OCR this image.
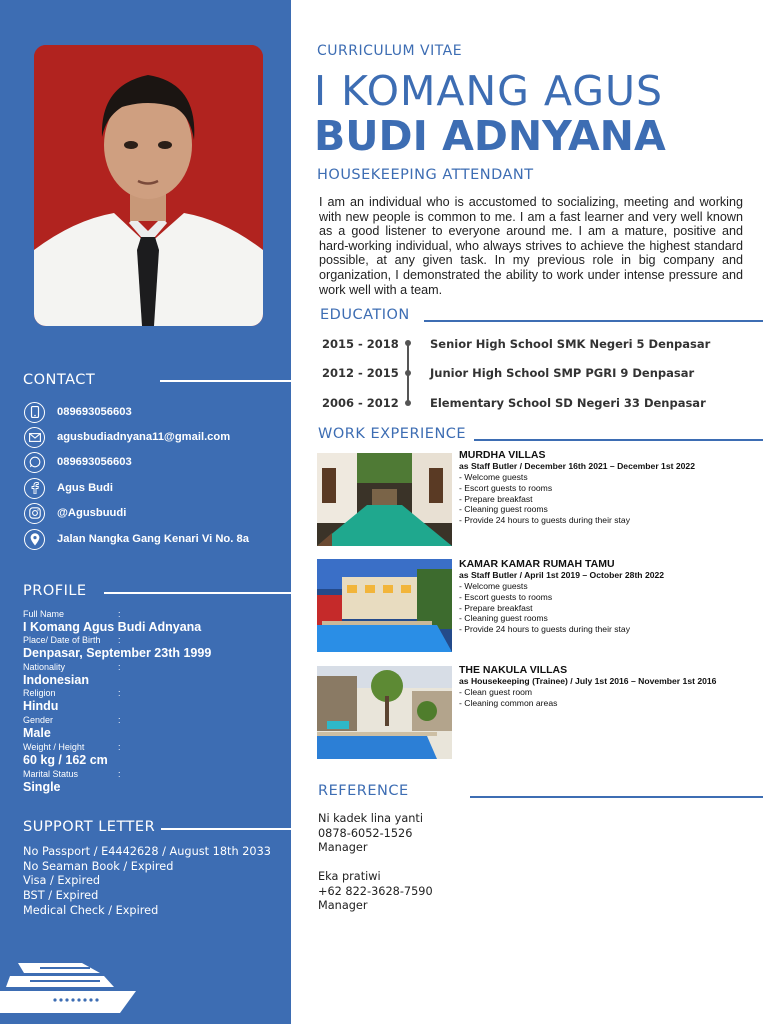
CONTACT
089693056603
agusbudiadnyana11@gmail.com
089693056603
Agus Budi
@Agusbuudi
Jalan Nangka Gang Kenari Vi No. 8a
PROFILE
Full Name	:
I Komang Agus Budi Adnyana
Place/ Date of Birth :
Denpasar, September 23th 1999
Nationality	:
Indonesian
Religion	:
Hindu
Gender	:
Male
Weight / Height	:
60 kg / 162 cm
Marital Status	:
Single
SUPPORT LETTER
No Passport / E4442628 / August 18th 2033
No Seaman Book / Expired
Visa / Expired
BST / Expired
Medical Check / Expired
CURRICULUM VITAE
I KOMANG AGUS
BUDI ADNYANA
HOUSEKEEPING ATTENDANT
I am an individual who is accustomed to socializing, meeting and working with new people is common to me. I am a fast learner and very well known as a good listener to everyone around me. I am a mature, positive and hard-working individual, who always strives to achieve the highest standard possible, at any given task. In my previous role in big company and organization, I demonstrated the ability to work under intense pressure and work well with a team.
EDUCATION
2015 - 2018	Senior High School SMK Negeri 5 Denpasar
2012 - 2015	Junior High School SMP PGRI 9 Denpasar
2006 - 2012	Elementary School SD Negeri 33 Denpasar
WORK EXPERIENCE
MURDHA VILLAS
as Staff Butler / December 16th 2021 – December 1st 2022
- Welcome guests
- Escort guests to rooms
- Prepare breakfast
- Cleaning guest rooms
- Provide 24 hours to guests during their stay
KAMAR KAMAR RUMAH TAMU
as Staff Butler / April 1st 2019 – October 28th 2022
- Welcome guests
- Escort guests to rooms
- Prepare breakfast
- Cleaning guest rooms
- Provide 24 hours to guests during their stay
THE NAKULA VILLAS
as Housekeeping (Trainee) / July 1st 2016 – November 1st 2016
- Clean guest room
- Cleaning common areas
REFERENCE
Ni kadek lina yanti
0878-6052-1526
Manager
Eka pratiwi
+62 822-3628-7590
Manager
